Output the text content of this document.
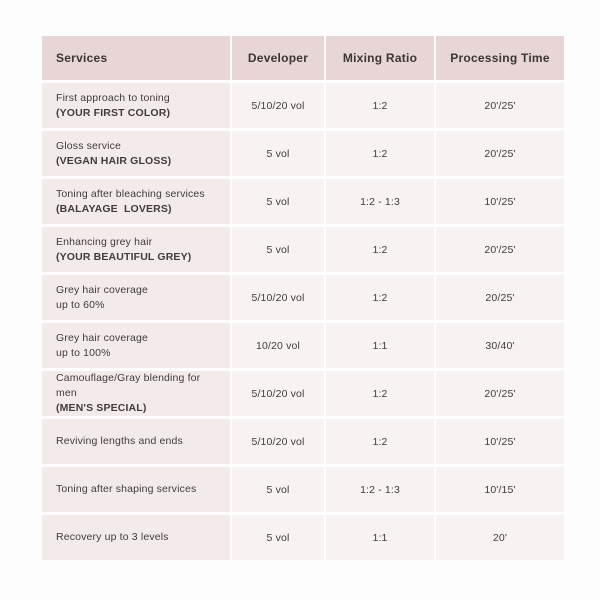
Services	Developer	Mixing Ratio	Processing Time

First approach to toning
(YOUR FIRST COLOR)	5/10/20 vol	1:2	20'/25'

Gloss service
(VEGAN HAIR GLOSS)	5 vol	1:2	20'/25'

Toning after bleaching services
(BALAYAGE  LOVERS)	5 vol	1:2 - 1:3	10'/25'

Enhancing grey hair
(YOUR BEAUTIFUL GREY)	5 vol	1:2	20'/25'

Grey hair coverage
up to 60%	5/10/20 vol	1:2	20/25'

Grey hair coverage
up to 100%	10/20 vol	1:1	30/40'

Camouflage/Gray blending for men
(MEN'S SPECIAL)	5/10/20 vol	1:2	20'/25'

Reviving lengths and ends	5/10/20 vol	1:2	10'/25'

Toning after shaping services	5 vol	1:2 - 1:3	10'/15'

Recovery up to 3 levels	5 vol	1:1	20'
